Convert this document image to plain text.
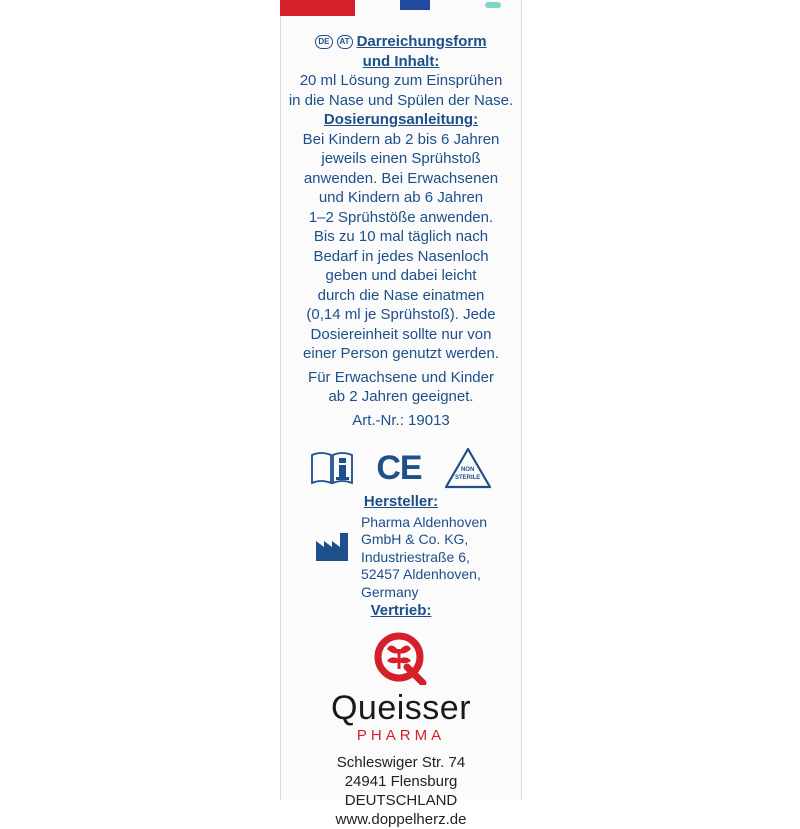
DE	AT Darreichungsform

und Inhalt:

20 ml Lösung zum Einsprühen

in die Nase und Spülen der Nase.

Dosierungsanleitung:

Bei Kindern ab 2 bis 6 Jahren

jeweils einen Sprühstoß

anwenden. Bei Erwachsenen

und Kindern ab 6 Jahren

1–2 Sprühstöße anwenden.

Bis zu 10 mal täglich nach

Bedarf in jedes Nasenloch

geben und dabei leicht

durch die Nase einatmen

(0,14 ml je Sprühstoß). Jede

Dosiereinheit sollte nur von

einer Person genutzt werden.

Für Erwachsene und Kinder

ab 2 Jahren geeignet.

Art.-Nr.: 19013

CE	NON
STERILE

Hersteller:

Pharma Aldenhoven

GmbH & Co. KG,

Industriestraße 6,

52457 Aldenhoven,

Germany

Vertrieb:

Queisser
PHARMA

Schleswiger Str. 74

24941 Flensburg

DEUTSCHLAND

www.doppelherz.de
